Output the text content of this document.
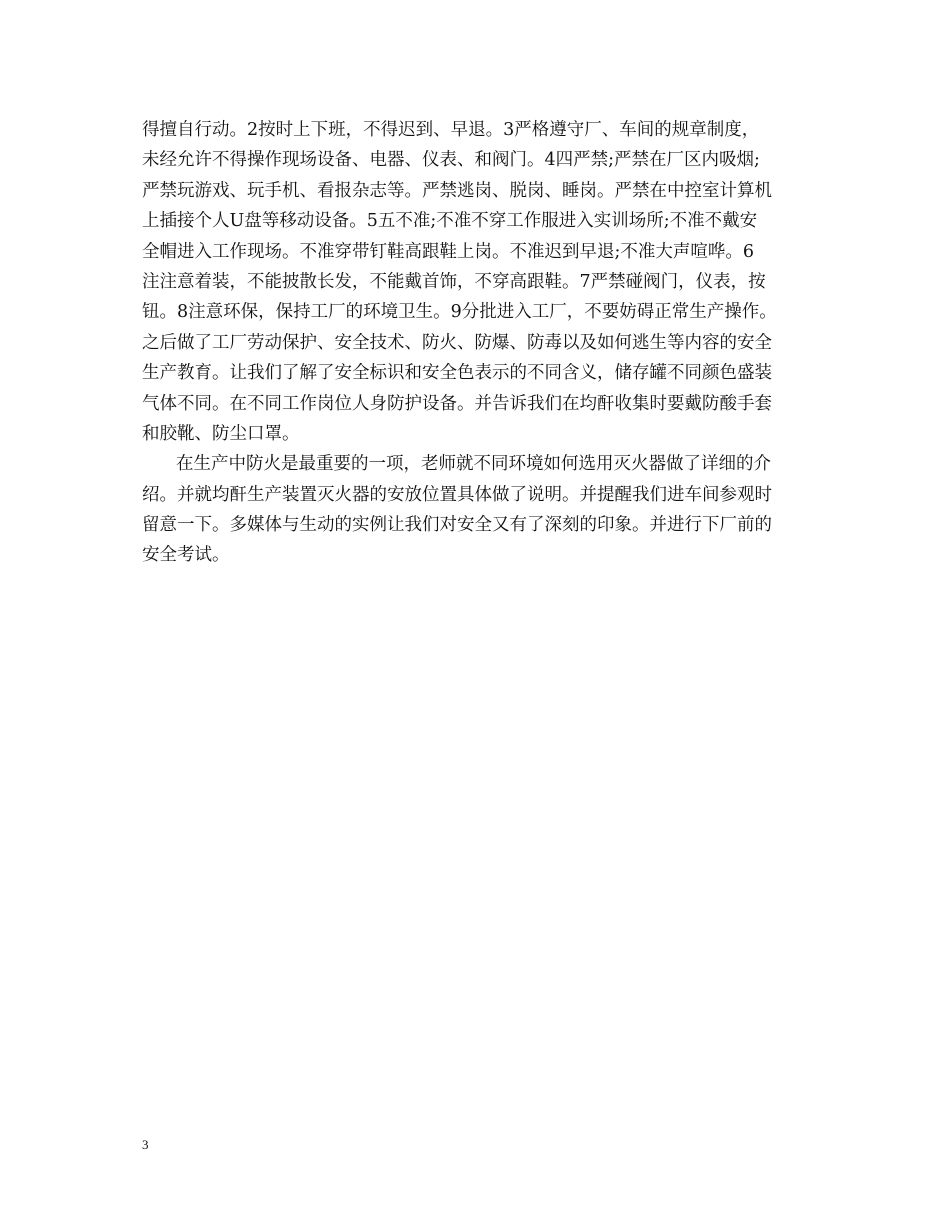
得擅自行动。2按时上下班，不得迟到、早退。3严格遵守厂、车间的规章制度，
未经允许不得操作现场设备、电器、仪表、和阀门。4四严禁;严禁在厂区内吸烟;
严禁玩游戏、玩手机、看报杂志等。严禁逃岗、脱岗、睡岗。严禁在中控室计算机
上插接个人U盘等移动设备。5五不准;不准不穿工作服进入实训场所;不准不戴安
全帽进入工作现场。不准穿带钉鞋高跟鞋上岗。不准迟到早退;不准大声喧哗。6
注注意着装，不能披散长发，不能戴首饰，不穿高跟鞋。7严禁碰阀门，仪表，按
钮。8注意环保，保持工厂的环境卫生。9分批进入工厂，不要妨碍正常生产操作。
之后做了工厂劳动保护、安全技术、防火、防爆、防毒以及如何逃生等内容的安全
生产教育。让我们了解了安全标识和安全色表示的不同含义，储存罐不同颜色盛装
气体不同。在不同工作岗位人身防护设备。并告诉我们在均酐收集时要戴防酸手套
和胶靴、防尘口罩。
在生产中防火是最重要的一项，老师就不同环境如何选用灭火器做了详细的介
绍。并就均酐生产装置灭火器的安放位置具体做了说明。并提醒我们进车间参观时
留意一下。多媒体与生动的实例让我们对安全又有了深刻的印象。并进行下厂前的
安全考试。
3
